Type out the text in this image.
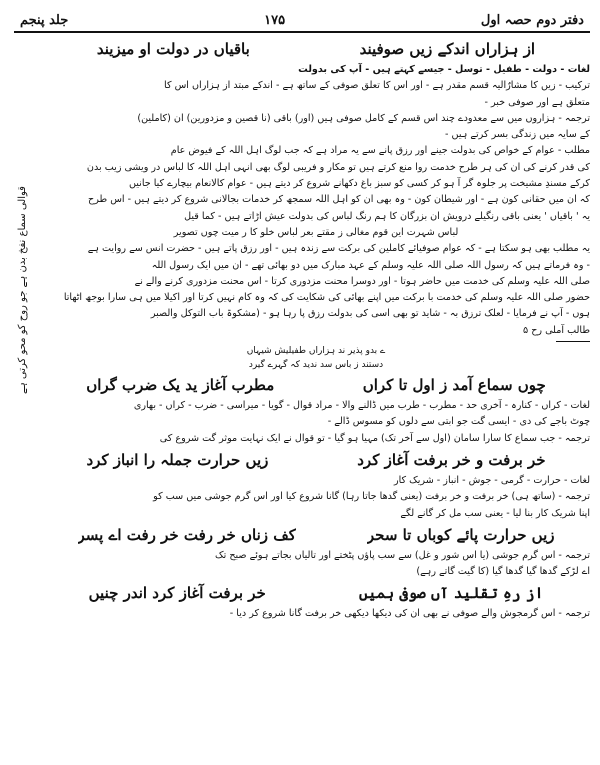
جلد پنجم	۱۷۵	دفتر دوم حصہ اول
قوالی سماع نفخ بدن ہے جو روح کو محو کرتی ہے
از ہزاراں اندکے زیں صوفیند
باقیاں در دولت او میزیند
لغات - دولت - طفیل - توسل - جیسے کہتے ہیں - آپ کی بدولت
ترکیب - زیں کا مشارٌالیہ قسم مقدر ہے - اور اس کا تعلق صوفی کے ساتھ ہے - اندکے مبتد از ہزاراں اس کا
متعلق ہے اور صوفی خبر -
ترجمہ - ہزاروں میں سے معدودے چند اس قسم کے کامل صوفی ہیں (اور) باقی (نا قصین و مزدورین) ان (کاملین)
کے سایہ میں زندگی بسر کرتے ہیں -
مطلب - عوام کے خواص کی بدولت جینے اور رزق پانے سے یہ مراد ہے کہ جب لوگ اہل اللہ کے فیوض عام
کی قدر کرنے کی ان کی ہر طرح خدمت روا منع کرتے ہیں تو مکار و فریبی لوگ بھی انہی اہل اللہ کا لباس در ویشی زیب بدن
کرکے مسندِ مشیخت پر جلوہ گر آ ہو کر کسی کو سبز باغ دکھانے شروع کر دیتے ہیں - عوام کالانعام بیچارے کیا جانیں
کہ ان میں حقانی کون ہے - اور شیطان کون - وہ بھی ان کو اہل اللہ سمجھ کر خدمات بجالانی شروع کر دیتے ہیں - اس طرح
یہ ' باقیاں ' یعنی باقی رنگیلے درویش ان بزرگان کا ہم رنگ لباس کی بدولت عیش اڑاتے ہیں - کما قیل
لباس شہرت این قوم مغالی ز مقتے بعر لباس خلو کا ر میت چوں تصویر
یہ مطلب بھی ہو سکتا ہے - کہ عوام صوفیائے کاملین کی برکت سے زندہ ہیں - اور رزق پاتے ہیں - حضرت انس سے روایت ہے
- وہ فرماتے ہیں کہ رسول اللہ صلی اللہ علیہ وسلم کے عہد مبارک میں دو بھائی تھے - ان میں ایک رسول اللہ
صلی اللہ علیہ وسلم کی خدمت میں حاضر ہوتا - اور دوسرا محنت مزدوری کرتا - اس محنت مزدوری کرنے والے نے
حضور صلی اللہ علیہ وسلم کی خدمت با برکت میں اپنے بھائی کی شکایت کی کہ وہ کام نہیں کرتا اور اکیلا میں ہی سارا بوجھ اٹھاتا
ہوں - آپ نے فرمایا - لعلک ترزق بہ - شاید تو بھی اسی کی بدولت رزق پا رہا ہو - (مشکوۃ باب التوکل والصبر
طالب آملی رح ۵
ے بدو پذیر ند ہزاراں طفیلیش شیہاں
دستند ز باس سد ندید کہ گہرے گیرد
چوں سماع آمد ز اول تا کراں
مطرب آغاز ید یک ضرب گراں
لغات - کراں - کنارہ - آخری حد - مطرب - طرب میں ڈالنے والا - مراد قوال - گویا - میراسی - ضرب - کراں - بھاری
چوٹ باجے کی دی - ایسی گت جو ابتی سے دلوں کو مسوس ڈالے -
ترجمہ - جب سماع کا سارا سامان (اول سے آخر تک) مہیا ہو گیا - تو قوال نے ایک نہایت موثر گت شروع کی
خر برفت و خر برفت آغاز کرد
زیں حرارت جملہ را انباز کرد
لغات - حرارت - گرمی - جوش - انباز - شریک کار
ترجمہ - (ساتھ ہی) خر برفت و خر برفت (یعنی گدھا جاتا رہا) گانا شروع کیا اور اس گرم جوشی میں سب کو
اپنا شریک کار بنا لیا - یعنی سب مل کر گانے لگے
زیں حرارت پائے کوباں تا سحر
کف زناں خر رفت خر رفت اے پسر
ترجمہ - اس گرم جوشی (یا اس شور و غل) سے سب پاؤں پٹختے اور تالیاں بجاتے ہوئے صبح تک
اے لڑکے گدھا گیا گدھا گیا (کا گیت گاتے رہے)
از رہِ تقلید آں صوفی ہمیں
خر برفت آغاز کرد اندر چنیں
ترجمہ - اس گرمجوش والے صوفی نے بھی ان کی دیکھا دیکھی خر برفت گانا شروع کر دیا -
